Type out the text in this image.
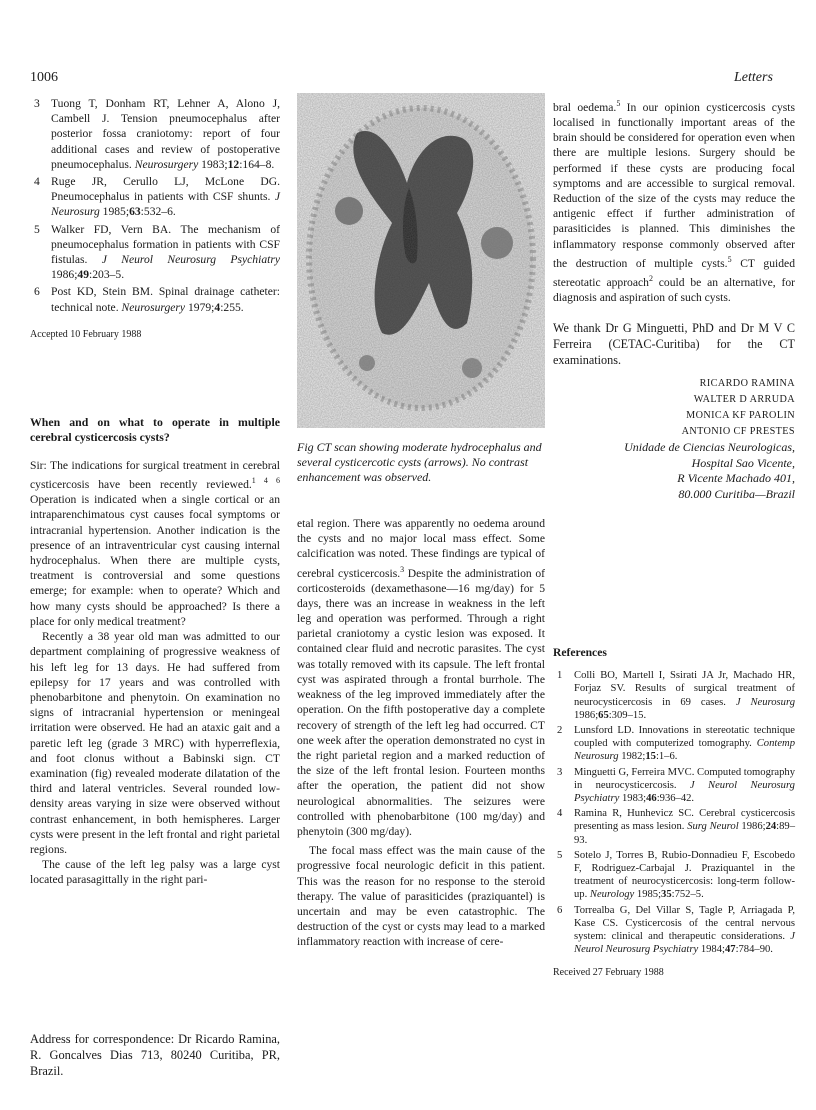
1006	Letters
3 Tuong T, Donham RT, Lehner A, Alono J, Cambell J. Tension pneumocephalus after posterior fossa craniotomy: report of four additional cases and review of postoperative pneumocephalus. Neurosurgery 1983;12:164–8.
4 Ruge JR, Cerullo LJ, McLone DG. Pneumocephalus in patients with CSF shunts. J Neurosurg 1985;63:532–6.
5 Walker FD, Vern BA. The mechanism of pneumocephalus formation in patients with CSF fistulas. J Neurol Neurosurg Psychiatry 1986;49:203–5.
6 Post KD, Stein BM. Spinal drainage catheter: technical note. Neurosurgery 1979;4:255.

Accepted 10 February 1988

When and on what to operate in multiple cerebral cysticercosis cysts?

Sir: The indications for surgical treatment in cerebral cysticercosis have been recently reviewed.$^{1 4 6}$ Operation is indicated when a single cortical or an intraparenchimatous cyst causes focal symptoms or intracranial hypertension. Another indication is the presence of an intraventricular cyst causing internal hydrocephalus. When there are multiple cysts, treatment is controversial and some questions emerge; for example: when to operate? Which and how many cysts should be approached? Is there a place for only medical treatment?

Recently a 38 year old man was admitted to our department complaining of progressive weakness of his left leg for 13 days. He had suffered from epilepsy for 17 years and was controlled with phenobarbitone and phenytoin. On examination no signs of intracranial hypertension or meningeal irritation were observed. He had an ataxic gait and a paretic left leg (grade 3 MRC) with hyperreflexia, and foot clonus without a Babinski sign. CT examination (fig) revealed moderate dilatation of the third and lateral ventricles. Several rounded low-density areas varying in size were observed without contrast enhancement, in both hemispheres. Larger cysts were present in the left frontal and right parietal regions.

The cause of the left leg palsy was a large cyst located parasagittally in the right pari-

Address for correspondence: Dr Ricardo Ramina, R. Goncalves Dias 713, 80240 Curitiba, PR, Brazil.
Fig CT scan showing moderate hydrocephalus and several cysticercotic cysts (arrows). No contrast enhancement was observed.

etal region. There was apparently no oedema around the cysts and no major local mass effect. Some calcification was noted. These findings are typical of cerebral cysticercosis.$^3$ Despite the administration of corticosteroids (dexamethasone—16 mg/day) for 5 days, there was an increase in weakness in the left leg and operation was performed. Through a right parietal craniotomy a cystic lesion was exposed. It contained clear fluid and necrotic parasites. The cyst was totally removed with its capsule. The left frontal cyst was aspirated through a frontal burrhole. The weakness of the leg improved immediately after the operation. On the fifth postoperative day a complete recovery of strength of the left leg had occurred. CT one week after the operation demonstrated no cyst in the right parietal region and a marked reduction of the size of the left frontal lesion. Fourteen months after the operation, the patient did not show neurological abnormalities. The seizures were controlled with phenobarbitone (100 mg/day) and phenytoin (300 mg/day).

The focal mass effect was the main cause of the progressive focal neurologic deficit in this patient. This was the reason for no response to the steroid therapy. The value of parasiticides (praziquantel) is uncertain and may be even catastrophic. The destruction of the cyst or cysts may lead to a marked inflammatory reaction with increase of cere-

bral oedema.$^5$ In our opinion cysticercosis cysts localised in functionally important areas of the brain should be considered for operation even when there are multiple lesions. Surgery should be performed if these cysts are producing focal symptoms and are accessible to surgical removal. Reduction of the size of the cysts may reduce the antigenic effect if further administration of parasiticides is planned. This diminishes the inflammatory response commonly observed after the destruction of multiple cysts.$^5$ CT guided stereotatic approach$^2$ could be an alternative, for diagnosis and aspiration of such cysts.

We thank Dr G Minguetti, PhD and Dr M V C Ferreira (CETAC-Curitiba) for the CT examinations.

RICARDO RAMINA
WALTER D ARRUDA
MONICA KF PAROLIN
ANTONIO CF PRESTES
Unidade de Ciencias Neurologicas,
Hospital Sao Vicente,
R Vicente Machado 401,
80.000 Curitiba—Brazil

References

1 Colli BO, Martell I, Ssirati JA Jr, Machado HR, Forjaz SV. Results of surgical treatment of neurocysticercosis in 69 cases. J Neurosurg 1986;65:309–15.
2 Lunsford LD. Innovations in stereotatic technique coupled with computerized tomography. Contemp Neurosurg 1982;15:1–6.
3 Minguetti G, Ferreira MVC. Computed tomography in neurocysticercosis. J Neurol Neurosurg Psychiatry 1983;46:936–42.
4 Ramina R, Hunhevicz SC. Cerebral cysticercosis presenting as mass lesion. Surg Neurol 1986;24:89–93.
5 Sotelo J, Torres B, Rubio-Donnadieu F, Escobedo F, Rodriguez-Carbajal J. Praziquantel in the treatment of neurocysticercosis: long-term follow-up. Neurology 1985;35:752–5.
6 Torrealba G, Del Villar S, Tagle P, Arriagada P, Kase CS. Cysticercosis of the central nervous system: clinical and therapeutic considerations. J Neurol Neurosurg Psychiatry 1984;47:784–90.

Received 27 February 1988
